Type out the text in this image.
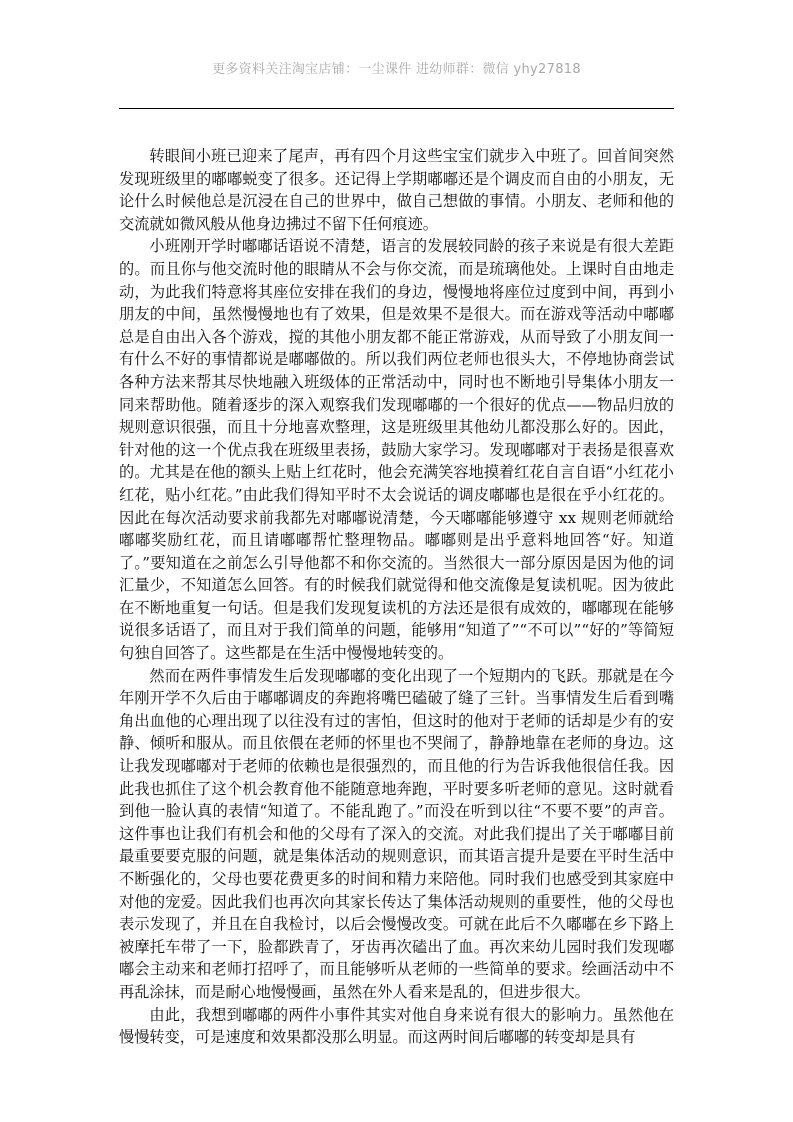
更多资料关注淘宝店铺：一尘课件 进幼师群：微信 yhy27818

转眼间小班已迎来了尾声，再有四个月这些宝宝们就步入中班了。回首间突然发现班级里的嘟嘟蜕变了很多。还记得上学期嘟嘟还是个调皮而自由的小朋友，无论什么时候他总是沉浸在自己的世界中，做自己想做的事情。小朋友、老师和他的交流就如微风般从他身边拂过不留下任何痕迹。

小班刚开学时嘟嘟话语说不清楚，语言的发展较同龄的孩子来说是有很大差距的。而且你与他交流时他的眼睛从不会与你交流，而是琉璃他处。上课时自由地走动，为此我们特意将其座位安排在我们的身边，慢慢地将座位过度到中间，再到小朋友的中间，虽然慢慢地也有了效果，但是效果不是很大。而在游戏等活动中嘟嘟总是自由出入各个游戏，搅的其他小朋友都不能正常游戏，从而导致了小朋友间一有什么不好的事情都说是嘟嘟做的。所以我们两位老师也很头大，不停地协商尝试各种方法来帮其尽快地融入班级体的正常活动中，同时也不断地引导集体小朋友一同来帮助他。随着逐步的深入观察我们发现嘟嘟的一个很好的优点——物品归放的规则意识很强，而且十分地喜欢整理，这是班级里其他幼儿都没那么好的。因此，针对他的这一个优点我在班级里表扬，鼓励大家学习。发现嘟嘟对于表扬是很喜欢的。尤其是在他的额头上贴上红花时，他会充满笑容地摸着红花自言自语“小红花小红花，贴小红花。”由此我们得知平时不太会说话的调皮嘟嘟也是很在乎小红花的。因此在每次活动要求前我都先对嘟嘟说清楚，今天嘟嘟能够遵守 xx 规则老师就给嘟嘟奖励红花，而且请嘟嘟帮忙整理物品。嘟嘟则是出乎意料地回答“好。知道了。”要知道在之前怎么引导他都不和你交流的。当然很大一部分原因是因为他的词汇量少，不知道怎么回答。有的时候我们就觉得和他交流像是复读机呢。因为彼此在不断地重复一句话。但是我们发现复读机的方法还是很有成效的，嘟嘟现在能够说很多话语了，而且对于我们简单的问题，能够用“知道了”“不可以”“好的”等简短句独自回答了。这些都是在生活中慢慢地转变的。

然而在两件事情发生后发现嘟嘟的变化出现了一个短期内的飞跃。那就是在今年刚开学不久后由于嘟嘟调皮的奔跑将嘴巴磕破了缝了三针。当事情发生后看到嘴角出血他的心理出现了以往没有过的害怕，但这时的他对于老师的话却是少有的安静、倾听和服从。而且依偎在老师的怀里也不哭闹了，静静地靠在老师的身边。这让我发现嘟嘟对于老师的依赖也是很强烈的，而且他的行为告诉我他很信任我。因此我也抓住了这个机会教育他不能随意地奔跑，平时要多听老师的意见。这时就看到他一脸认真的表情“知道了。不能乱跑了。”而没在听到以往“不要不要”的声音。这件事也让我们有机会和他的父母有了深入的交流。对此我们提出了关于嘟嘟目前最重要要克服的问题，就是集体活动的规则意识，而其语言提升是要在平时生活中不断强化的，父母也要花费更多的时间和精力来陪他。同时我们也感受到其家庭中对他的宠爱。因此我们也再次向其家长传达了集体活动规则的重要性，他的父母也表示发现了，并且在自我检讨，以后会慢慢改变。可就在此后不久嘟嘟在乡下路上被摩托车带了一下，脸都跌青了，牙齿再次磕出了血。再次来幼儿园时我们发现嘟嘟会主动来和老师打招呼了，而且能够听从老师的一些简单的要求。绘画活动中不再乱涂抹，而是耐心地慢慢画，虽然在外人看来是乱的，但进步很大。

由此，我想到嘟嘟的两件小事件其实对他自身来说有很大的影响力。虽然他在慢慢转变，可是速度和效果都没那么明显。而这两时间后嘟嘟的转变却是具有
